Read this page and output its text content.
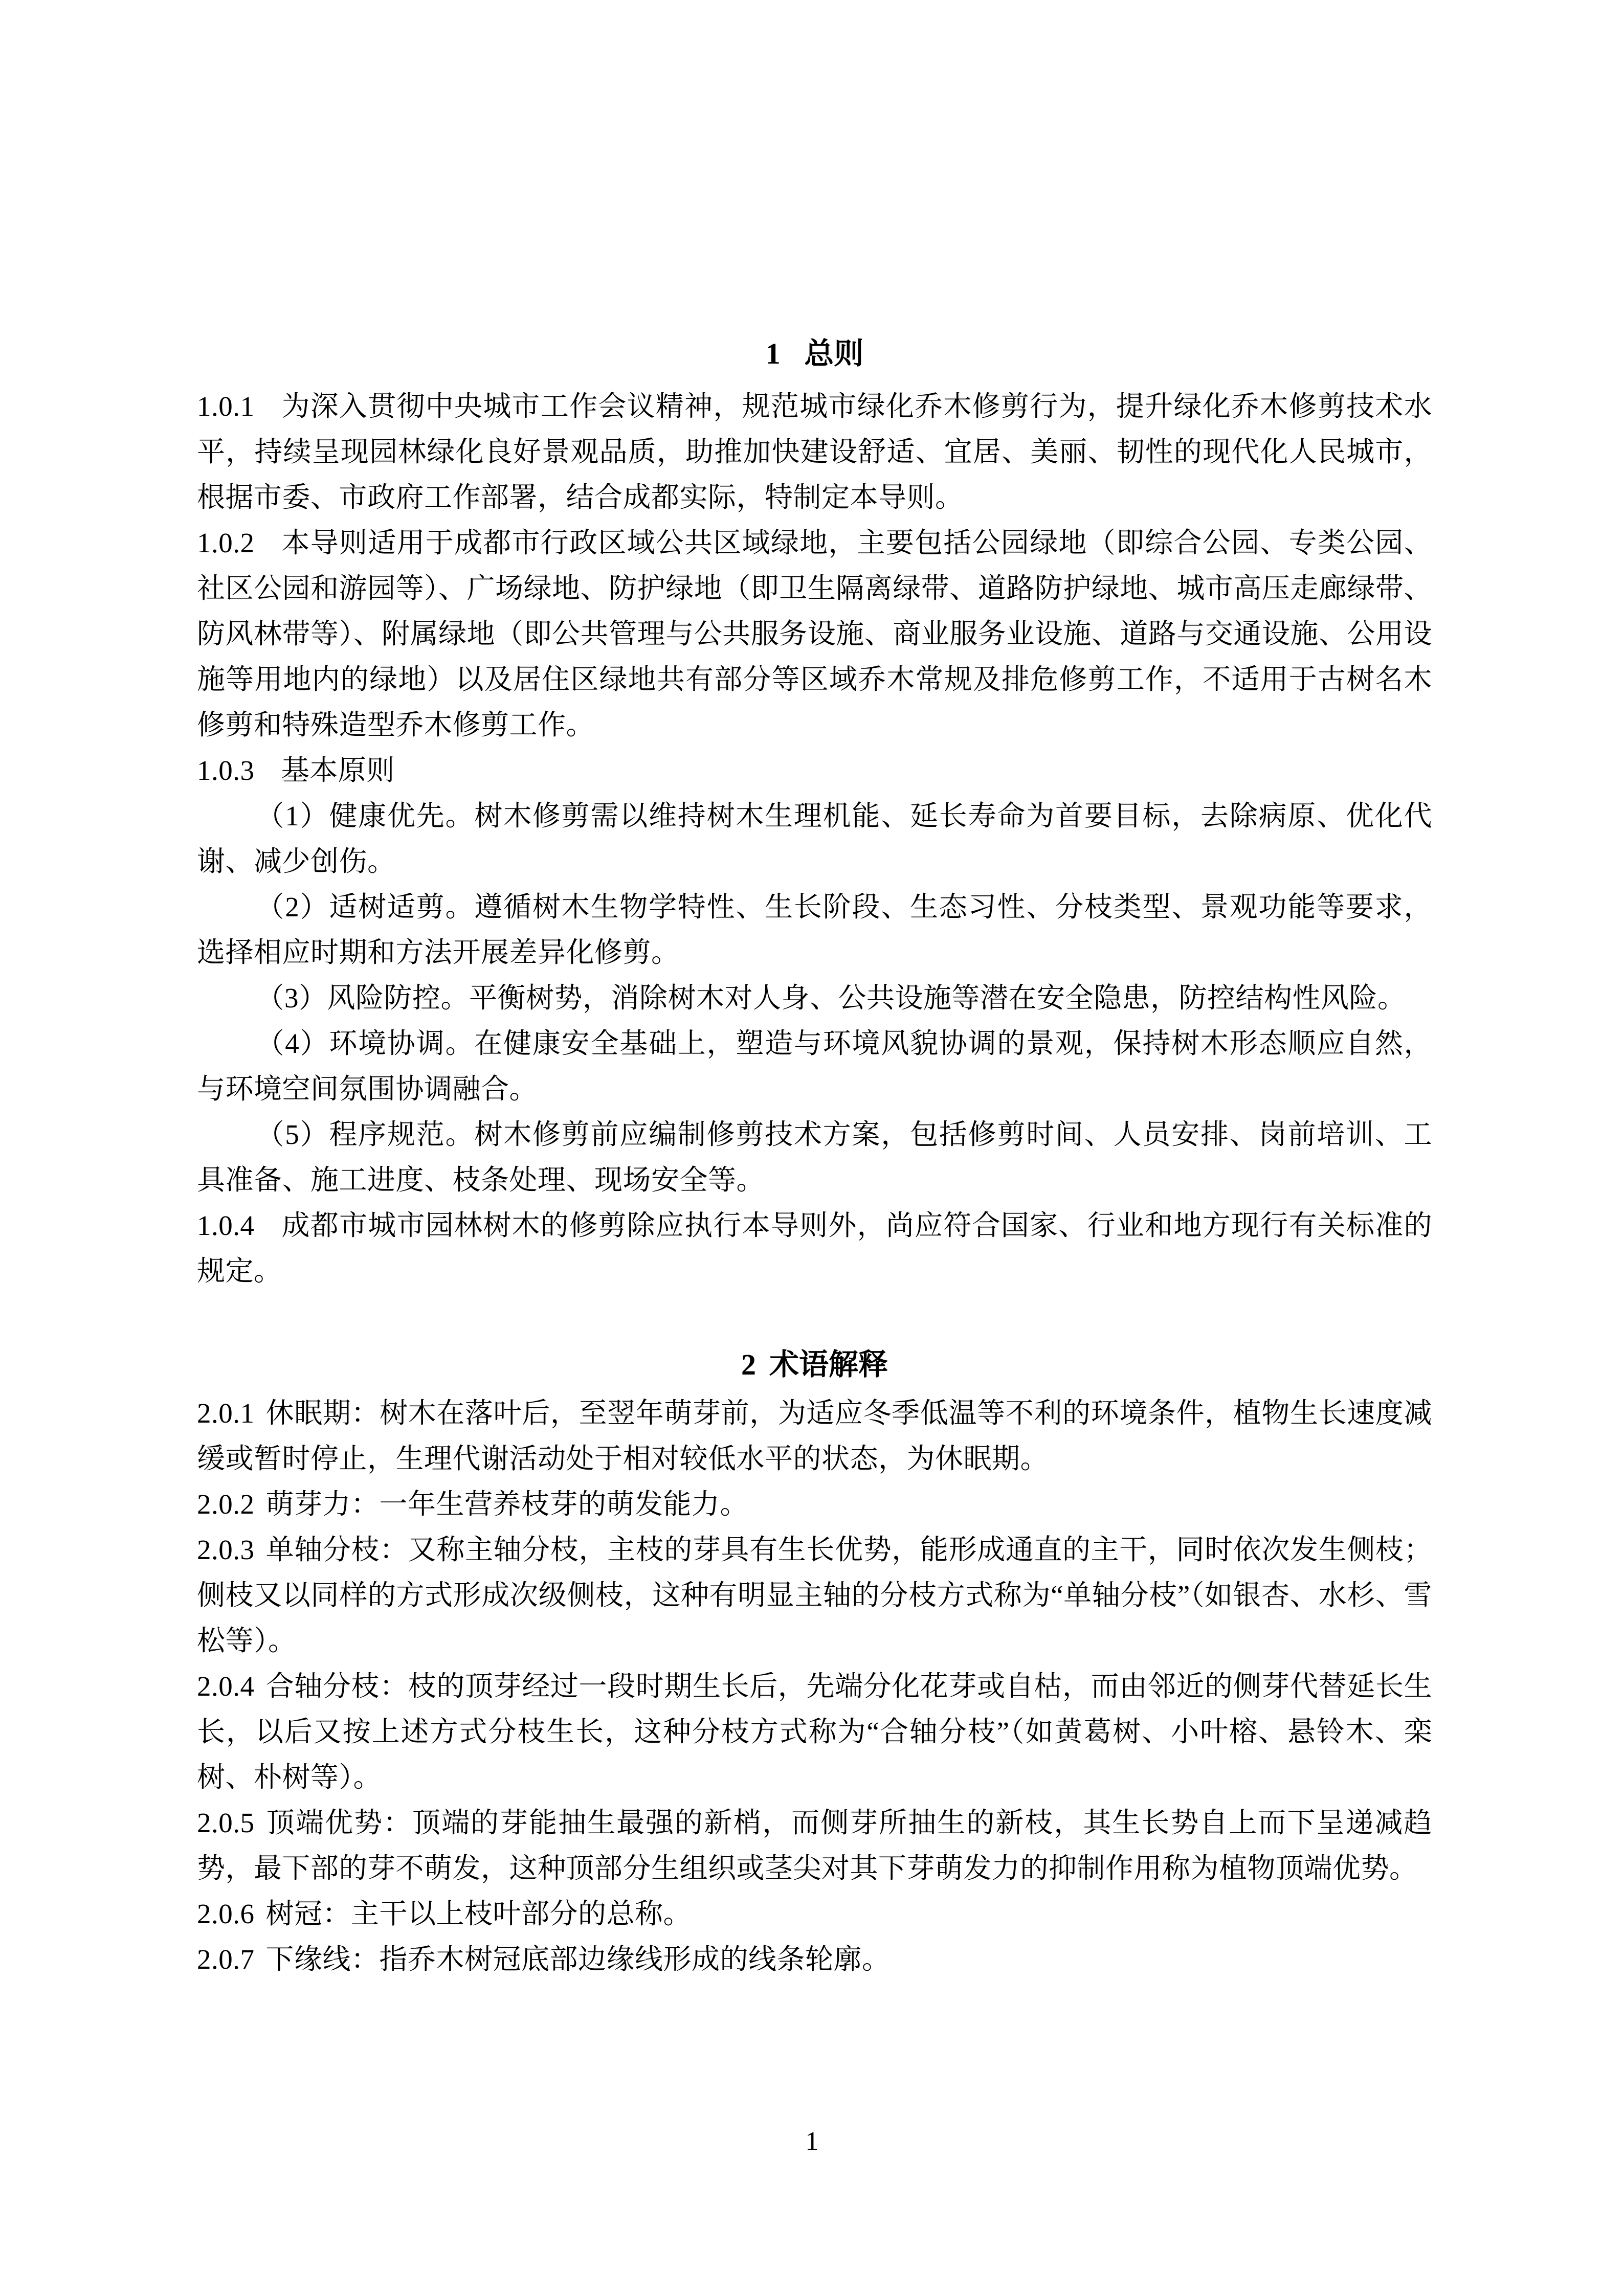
1 总则

1.0.1 为深入贯彻中央城市工作会议精神，规范城市绿化乔木修剪行为，提升绿化乔木修剪技术水平，持续呈现园林绿化良好景观品质，助推加快建设舒适、宜居、美丽、韧性的现代化人民城市，根据市委、市政府工作部署，结合成都实际，特制定本导则。

1.0.2 本导则适用于成都市行政区域公共区域绿地，主要包括公园绿地（即综合公园、专类公园、社区公园和游园等）、广场绿地、防护绿地（即卫生隔离绿带、道路防护绿地、城市高压走廊绿带、防风林带等）、附属绿地（即公共管理与公共服务设施、商业服务业设施、道路与交通设施、公用设施等用地内的绿地）以及居住区绿地共有部分等区域乔木常规及排危修剪工作，不适用于古树名木修剪和特殊造型乔木修剪工作。

1.0.3 基本原则

（1）健康优先。树木修剪需以维持树木生理机能、延长寿命为首要目标，去除病原、优化代谢、减少创伤。

（2）适树适剪。遵循树木生物学特性、生长阶段、生态习性、分枝类型、景观功能等要求，选择相应时期和方法开展差异化修剪。

（3）风险防控。平衡树势，消除树木对人身、公共设施等潜在安全隐患，防控结构性风险。

（4）环境协调。在健康安全基础上，塑造与环境风貌协调的景观，保持树木形态顺应自然，与环境空间氛围协调融合。

（5）程序规范。树木修剪前应编制修剪技术方案，包括修剪时间、人员安排、岗前培训、工具准备、施工进度、枝条处理、现场安全等。

1.0.4 成都市城市园林树木的修剪除应执行本导则外，尚应符合国家、行业和地方现行有关标准的规定。

2 术语解释

2.0.1 休眠期：树木在落叶后，至翌年萌芽前，为适应冬季低温等不利的环境条件，植物生长速度减缓或暂时停止，生理代谢活动处于相对较低水平的状态，为休眠期。

2.0.2 萌芽力：一年生营养枝芽的萌发能力。

2.0.3 单轴分枝：又称主轴分枝，主枝的芽具有生长优势，能形成通直的主干，同时依次发生侧枝；侧枝又以同样的方式形成次级侧枝，这种有明显主轴的分枝方式称为“单轴分枝”（如银杏、水杉、雪松等）。

2.0.4 合轴分枝：枝的顶芽经过一段时期生长后，先端分化花芽或自枯，而由邻近的侧芽代替延长生长，以后又按上述方式分枝生长，这种分枝方式称为“合轴分枝”（如黄葛树、小叶榕、悬铃木、栾树、朴树等）。

2.0.5 顶端优势：顶端的芽能抽生最强的新梢，而侧芽所抽生的新枝，其生长势自上而下呈递减趋势，最下部的芽不萌发，这种顶部分生组织或茎尖对其下芽萌发力的抑制作用称为植物顶端优势。

2.0.6 树冠：主干以上枝叶部分的总称。

2.0.7 下缘线：指乔木树冠底部边缘线形成的线条轮廓。

1
